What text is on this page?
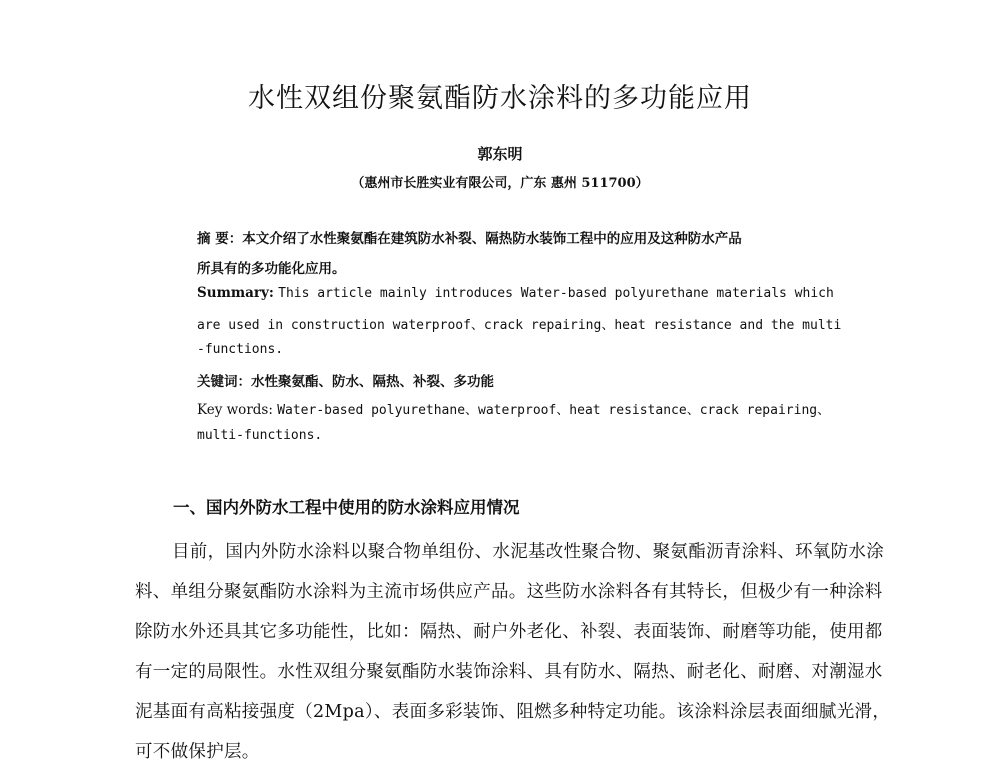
水性双组份聚氨酯防水涂料的多功能应用
郭东明
（惠州市长胜实业有限公司，广东 惠州 511700）
摘 要：本文介绍了水性聚氨酯在建筑防水补裂、隔热防水装饰工程中的应用及这种防水产品
所具有的多功能化应用。
Summary: This article mainly introduces Water-based polyurethane materials which
are used in construction waterproof、crack repairing、heat resistance and the multi
-functions.
关键词：水性聚氨酯、防水、隔热、补裂、多功能
Key words: Water-based polyurethane、waterproof、heat resistance、crack repairing、
multi-functions.
一、国内外防水工程中使用的防水涂料应用情况
目前，国内外防水涂料以聚合物单组份、水泥基改性聚合物、聚氨酯沥青涂料、环氧防水涂
料、单组分聚氨酯防水涂料为主流市场供应产品。这些防水涂料各有其特长，但极少有一种涂料
除防水外还具其它多功能性，比如：隔热、耐户外老化、补裂、表面装饰、耐磨等功能，使用都
有一定的局限性。水性双组分聚氨酯防水装饰涂料、具有防水、隔热、耐老化、耐磨、对潮湿水
泥基面有高粘接强度（2Mpa）、表面多彩装饰、阻燃多种特定功能。该涂料涂层表面细腻光滑，
可不做保护层。
